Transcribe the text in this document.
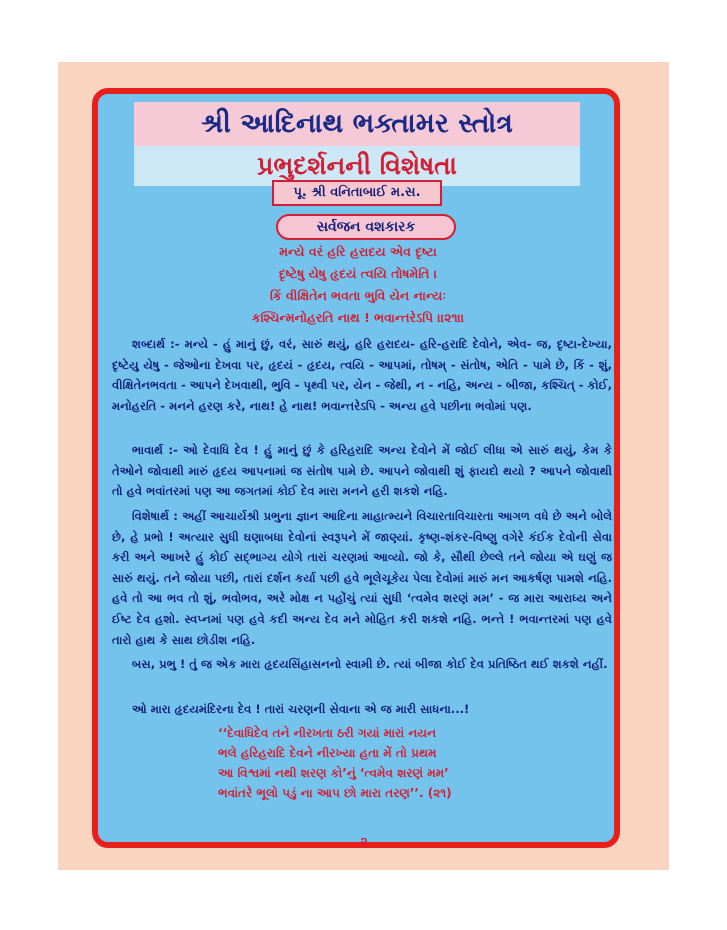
શ્રી આદિનાથ ભક્તામર સ્તોત્ર
પ્રભુદર્શનની વિશેષતા
પૂ. શ્રી વનિતાબાઈ મ.સ.
સર્વજન વશકારક
મન્યે વરં હરિ હરાદય એવ દૃષ્ટા
દૃષ્ટેષુ યેષુ હૃદયં ત્વયિ તોષમેતિ ।
કિં વીક્ષિતેન ભવતા ભુવિ યેન નાન્યઃ
કશ્ચિન્મનોહરતિ નાથ ! ભવાન્તરેઽપિ ।।૨૧।।

શબ્દાર્થ :- મન્યે - હું માનું છું, વરં, સારું થયું, હરિ હરાદય- હરિ-હરાદિ દેવોને, એવ- જ, દૃષ્ટા-દેખ્યા, દૃષ્ટેયુ યેષુ - જેઓના દેખવા પર, હૃદયં - હૃદય, ત્વયિ - આપમાં, તોષમ્ - સંતોષ, એતિ - પામે છે, કિં - શું, વીક્ષિતેનભવતા - આપને દેખવાથી, ભુવિ - પૃથ્વી પર, યેન - જેથી, ન - નહિ, અન્ય - બીજા, કશ્ચિત્ - કોઈ, મનોહરતિ - મનને હરણ કરે, નાથ! હે નાથ! ભવાન્તરેઽપિ - અન્ય હવે પછીના ભવોમાં પણ.

ભાવાર્થ :- ઓ દેવાધિ દેવ ! હું માનું છું કે હરિહરાદિ અન્ય દેવોને મેં જોઈ લીધા એ સારું થયું, કેમ કે તેઓને જોવાથી મારું હૃદય આપનામાં જ સંતોષ પામે છે. આપને જોવાથી શું ફાયદો થયો ? આપને જોવાથી તો હવે ભવાંતરમાં પણ આ જગતમાં કોઈ દેવ મારા મનને હરી શકશે નહિ.

વિશેષાર્થ : અહીં આચાર્યશ્રી પ્રભુના જ્ઞાન આદિના માહાત્મ્યને વિચારતાવિચારતા આગળ વધે છે અને બોલે છે, હે પ્રભો ! અત્યાર સુધી ઘણાબધા દેવોનાં સ્વરૂપને મેં જાણ્યાં. કૃષ્ણ-શંકર-વિષ્ણુ વગેરે કંઈક દેવોની સેવા કરી અને આખરે હું કોઈ સદ્ભાગ્ય યોગે તારાં ચરણમાં આવ્યો. જો કે, સૌથી છેલ્લે તને જોયા એ ઘણું જ સારું થયું. તને જોયા પછી, તારાં દર્શન કર્યા પછી હવે ભૂલેચૂકેય પેલા દેવોમાં મારું મન આકર્ષણ પામશે નહિ. હવે તો આ ભવ તો શું, ભવોભવ, અરે મોક્ષ ન પહોંચું ત્યાં સુધી ‘ત્વમેવ શરણં મમ’ - જ મારા આરાધ્ય અને ઈષ્ટ દેવ હશો. સ્વપ્નમાં પણ હવે કદી અન્ય દેવ મને મોહિત કરી શકશે નહિ. ભન્તે ! ભવાન્તરમાં પણ હવે તારો હાથ કે સાથ છોડીશ નહિ.

બસ, પ્રભુ ! તું જ એક મારા હૃદયસિંહાસનનો સ્વામી છે. ત્યાં બીજા કોઈ દેવ પ્રતિષ્ઠિત થઈ શકશે નહીં.

ઓ મારા હૃદયમંદિરના દેવ ! તારાં ચરણની સેવાના એ જ મારી સાધના...!
‘‘દેવાધિદેવ તને નીરખતા ઠરી ગયાં મારાં નયન
ભલે હરિહરાદિ દેવને નીરખ્યા હતા મેં તો પ્રથમ
આ વિશ્વમાં નથી શરણ કો’નું ‘ત્વમેવ શરણં મમ’
ભવાંતરે ભૂલો પડું ના આપ છો મારા તરણ’’. (૨૧)
૨
